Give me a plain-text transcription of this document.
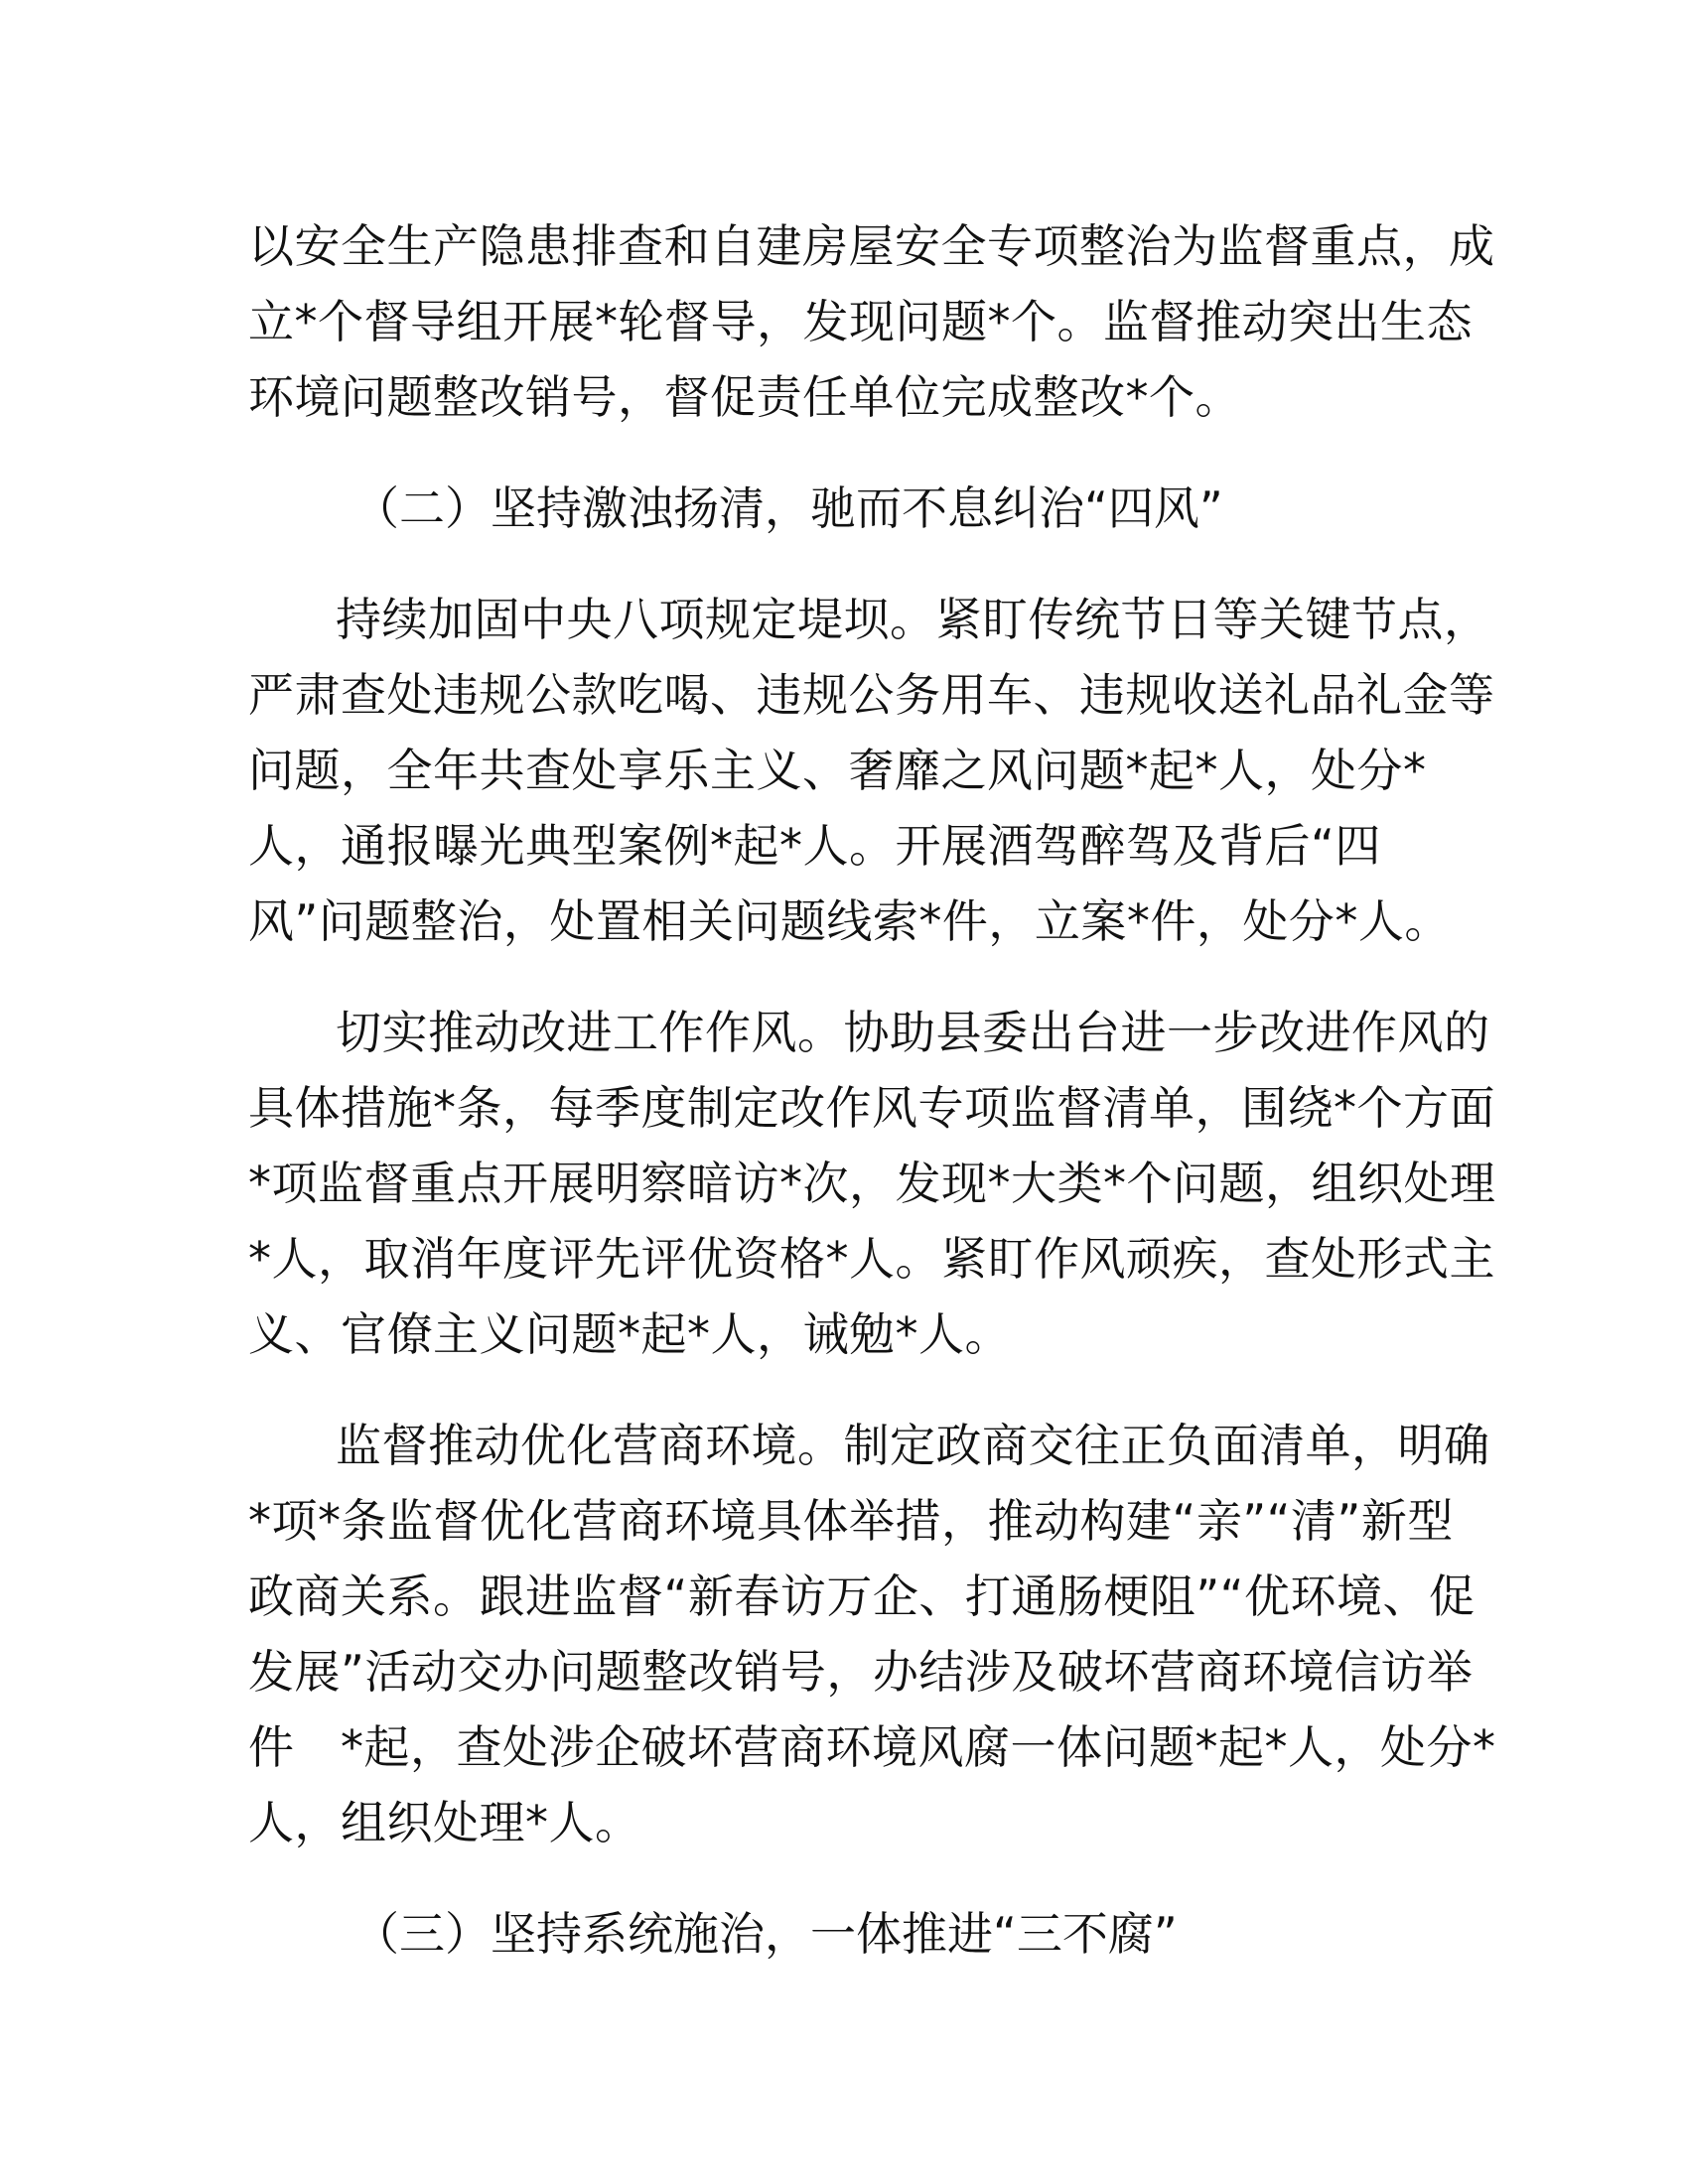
以安全生产隐患排查和自建房屋安全专项整治为监督重点，成
立*个督导组开展*轮督导，发现问题*个。监督推动突出生态
环境问题整改销号，督促责任单位完成整改*个。

（二）坚持激浊扬清，驰而不息纠治“四风”

持续加固中央八项规定堤坝。紧盯传统节日等关键节点，
严肃查处违规公款吃喝、违规公务用车、违规收送礼品礼金等
问题，全年共查处享乐主义、奢靡之风问题*起*人，处分*
人，通报曝光典型案例*起*人。开展酒驾醉驾及背后“四
风”问题整治，处置相关问题线索*件，立案*件，处分*人。

切实推动改进工作作风。协助县委出台进一步改进作风的
具体措施*条，每季度制定改作风专项监督清单，围绕*个方面
*项监督重点开展明察暗访*次，发现*大类*个问题，组织处理
*人，取消年度评先评优资格*人。紧盯作风顽疾，查处形式主
义、官僚主义问题*起*人，诫勉*人。

监督推动优化营商环境。制定政商交往正负面清单，明确
*项*条监督优化营商环境具体举措，推动构建“亲”“清”新型
政商关系。跟进监督“新春访万企、打通肠梗阻”“优环境、促
发展”活动交办问题整改销号，办结涉及破坏营商环境信访举
件　*起，查处涉企破坏营商环境风腐一体问题*起*人，处分*
人，组织处理*人。

（三）坚持系统施治，一体推进“三不腐”
